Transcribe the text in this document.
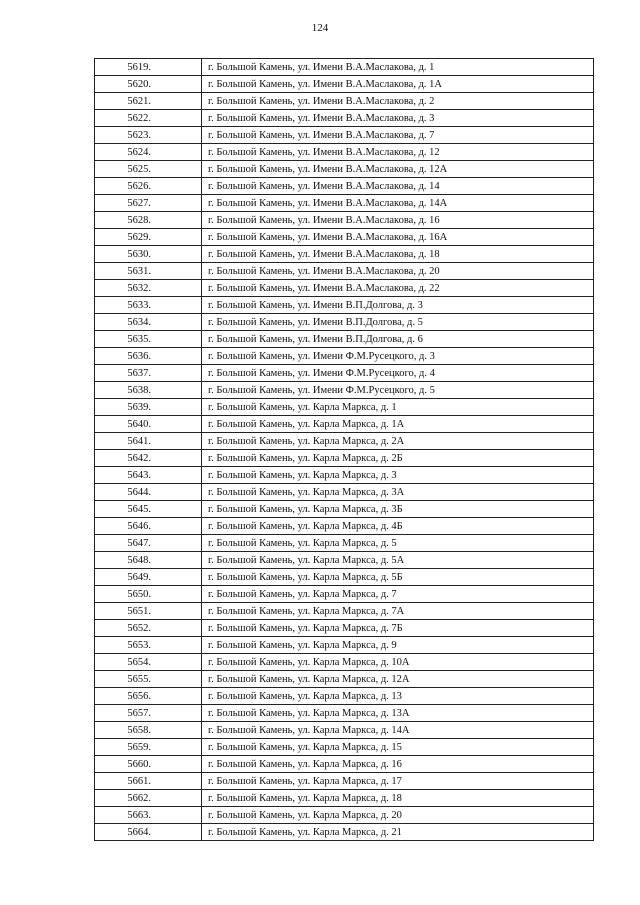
124
5619.	г. Большой Камень, ул. Имени В.А.Маслакова, д. 1
5620.	г. Большой Камень, ул. Имени В.А.Маслакова, д. 1А
5621.	г. Большой Камень, ул. Имени В.А.Маслакова, д. 2
5622.	г. Большой Камень, ул. Имени В.А.Маслакова, д. 3
5623.	г. Большой Камень, ул. Имени В.А.Маслакова, д. 7
5624.	г. Большой Камень, ул. Имени В.А.Маслакова, д. 12
5625.	г. Большой Камень, ул. Имени В.А.Маслакова, д. 12А
5626.	г. Большой Камень, ул. Имени В.А.Маслакова, д. 14
5627.	г. Большой Камень, ул. Имени В.А.Маслакова, д. 14А
5628.	г. Большой Камень, ул. Имени В.А.Маслакова, д. 16
5629.	г. Большой Камень, ул. Имени В.А.Маслакова, д. 16А
5630.	г. Большой Камень, ул. Имени В.А.Маслакова, д. 18
5631.	г. Большой Камень, ул. Имени В.А.Маслакова, д. 20
5632.	г. Большой Камень, ул. Имени В.А.Маслакова, д. 22
5633.	г. Большой Камень, ул. Имени В.П.Долгова, д. 3
5634.	г. Большой Камень, ул. Имени В.П.Долгова, д. 5
5635.	г. Большой Камень, ул. Имени В.П.Долгова, д. 6
5636.	г. Большой Камень, ул. Имени Ф.М.Русецкого, д. 3
5637.	г. Большой Камень, ул. Имени Ф.М.Русецкого, д. 4
5638.	г. Большой Камень, ул. Имени Ф.М.Русецкого, д. 5
5639.	г. Большой Камень, ул. Карла Маркса, д. 1
5640.	г. Большой Камень, ул. Карла Маркса, д. 1А
5641.	г. Большой Камень, ул. Карла Маркса, д. 2А
5642.	г. Большой Камень, ул. Карла Маркса, д. 2Б
5643.	г. Большой Камень, ул. Карла Маркса, д. 3
5644.	г. Большой Камень, ул. Карла Маркса, д. 3А
5645.	г. Большой Камень, ул. Карла Маркса, д. 3Б
5646.	г. Большой Камень, ул. Карла Маркса, д. 4Б
5647.	г. Большой Камень, ул. Карла Маркса, д. 5
5648.	г. Большой Камень, ул. Карла Маркса, д. 5А
5649.	г. Большой Камень, ул. Карла Маркса, д. 5Б
5650.	г. Большой Камень, ул. Карла Маркса, д. 7
5651.	г. Большой Камень, ул. Карла Маркса, д. 7А
5652.	г. Большой Камень, ул. Карла Маркса, д. 7Б
5653.	г. Большой Камень, ул. Карла Маркса, д. 9
5654.	г. Большой Камень, ул. Карла Маркса, д. 10А
5655.	г. Большой Камень, ул. Карла Маркса, д. 12А
5656.	г. Большой Камень, ул. Карла Маркса, д. 13
5657.	г. Большой Камень, ул. Карла Маркса, д. 13А
5658.	г. Большой Камень, ул. Карла Маркса, д. 14А
5659.	г. Большой Камень, ул. Карла Маркса, д. 15
5660.	г. Большой Камень, ул. Карла Маркса, д. 16
5661.	г. Большой Камень, ул. Карла Маркса, д. 17
5662.	г. Большой Камень, ул. Карла Маркса, д. 18
5663.	г. Большой Камень, ул. Карла Маркса, д. 20
5664.	г. Большой Камень, ул. Карла Маркса, д. 21
